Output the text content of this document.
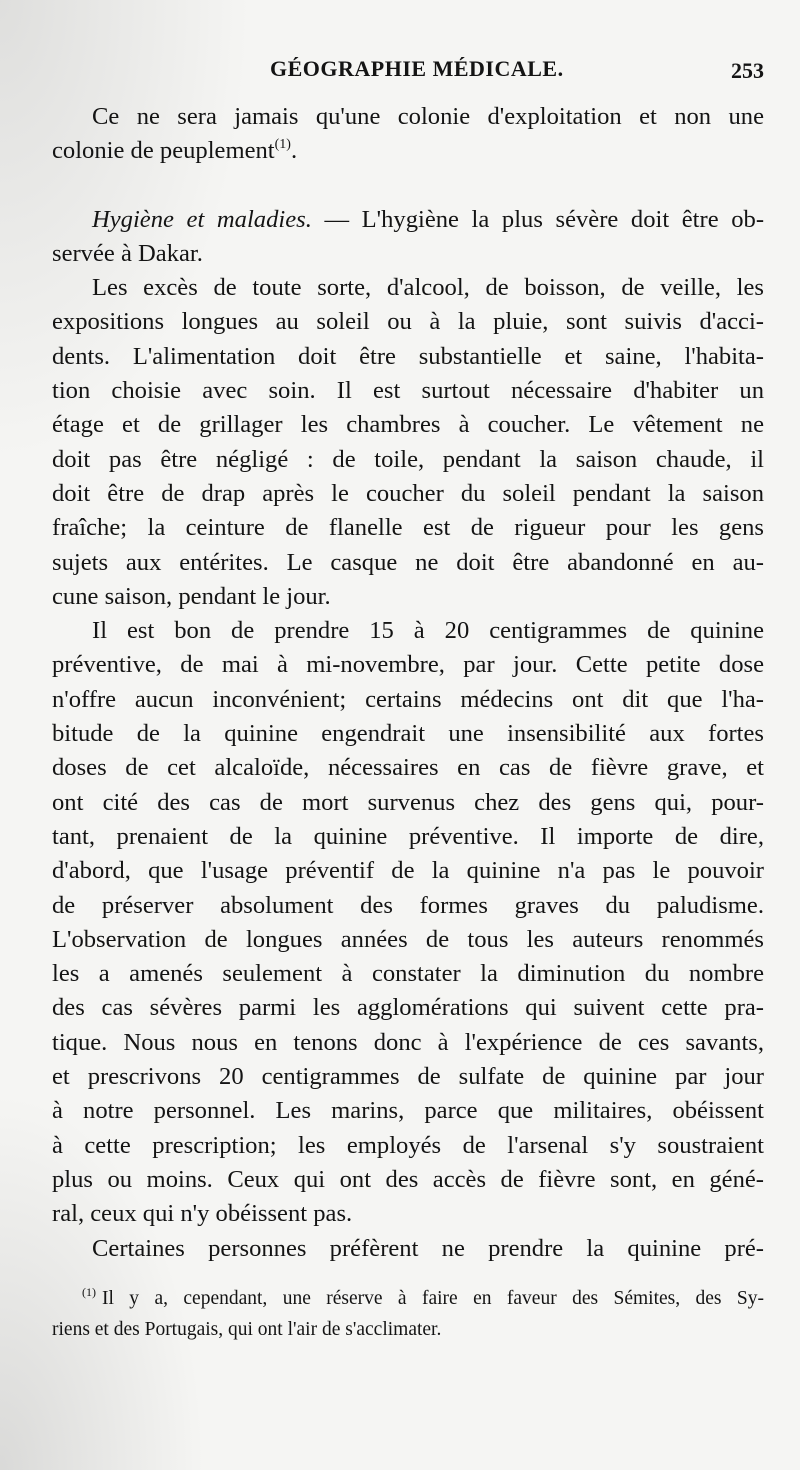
GÉOGRAPHIE MÉDICALE.	253

Ce ne sera jamais qu'une colonie d'exploitation et non une
colonie de peuplement$^{(1)}$.

Hygiène et maladies. — L'hygiène la plus sévère doit être ob-
servée à Dakar.

Les excès de toute sorte, d'alcool, de boisson, de veille, les
expositions longues au soleil ou à la pluie, sont suivis d'acci-
dents. L'alimentation doit être substantielle et saine, l'habita-
tion choisie avec soin. Il est surtout nécessaire d'habiter un
étage et de grillager les chambres à coucher. Le vêtement ne
doit pas être négligé : de toile, pendant la saison chaude, il
doit être de drap après le coucher du soleil pendant la saison
fraîche; la ceinture de flanelle est de rigueur pour les gens
sujets aux entérites. Le casque ne doit être abandonné en au-
cune saison, pendant le jour.

Il est bon de prendre 15 à 20 centigrammes de quinine
préventive, de mai à mi-novembre, par jour. Cette petite dose
n'offre aucun inconvénient; certains médecins ont dit que l'ha-
bitude de la quinine engendrait une insensibilité aux fortes
doses de cet alcaloïde, nécessaires en cas de fièvre grave, et
ont cité des cas de mort survenus chez des gens qui, pour-
tant, prenaient de la quinine préventive. Il importe de dire,
d'abord, que l'usage préventif de la quinine n'a pas le pouvoir
de préserver absolument des formes graves du paludisme.
L'observation de longues années de tous les auteurs renommés
les a amenés seulement à constater la diminution du nombre
des cas sévères parmi les agglomérations qui suivent cette pra-
tique. Nous nous en tenons donc à l'expérience de ces savants,
et prescrivons 20 centigrammes de sulfate de quinine par jour
à notre personnel. Les marins, parce que militaires, obéissent
à cette prescription; les employés de l'arsenal s'y soustraient
plus ou moins. Ceux qui ont des accès de fièvre sont, en géné-
ral, ceux qui n'y obéissent pas.

Certaines personnes préfèrent ne prendre la quinine pré-

$^{(1)}$ Il y a, cependant, une réserve à faire en faveur des Sémites, des Sy-
riens et des Portugais, qui ont l'air de s'acclimater.
